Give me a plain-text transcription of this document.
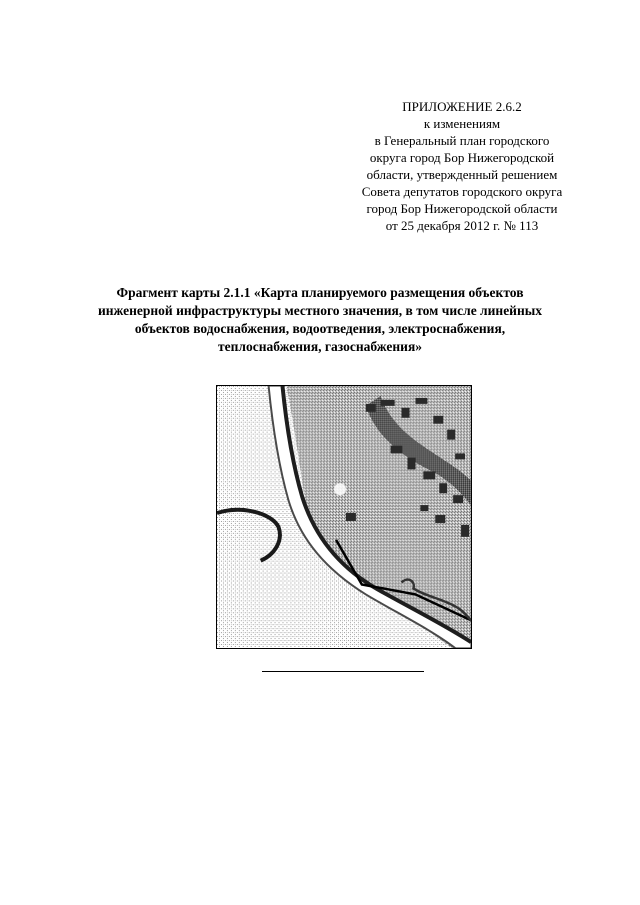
ПРИЛОЖЕНИЕ 2.6.2
к изменениям
в Генеральный план городского
округа город Бор Нижегородской
области, утвержденный решением
Совета депутатов городского округа
город Бор Нижегородской области
от 25 декабря 2012 г. № 113
Фрагмент карты 2.1.1 «Карта планируемого размещения объектов
инженерной инфраструктуры местного значения, в том числе линейных
объектов водоснабжения, водоотведения, электроснабжения,
теплоснабжения, газоснабжения»
